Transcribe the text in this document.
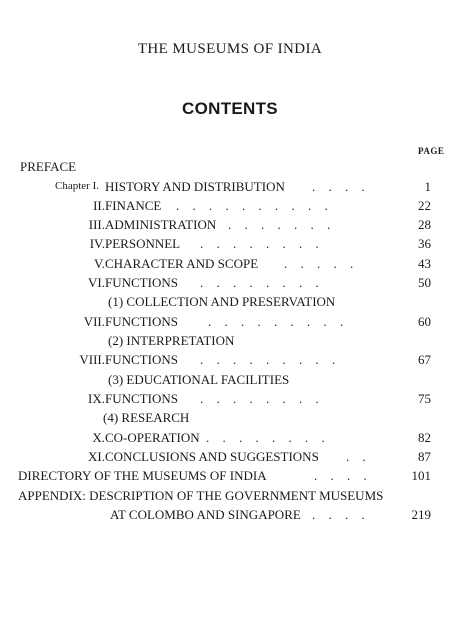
THE MUSEUMS OF INDIA
CONTENTS
PAGE
PREFACE
Chapter I. HISTORY AND DISTRIBUTION . . . .	1
II. FINANCE . . . . . . . . . .	22
III. ADMINISTRATION . . . . . . .	28
IV. PERSONNEL . . . . . . . .	36
V. CHARACTER AND SCOPE . . . . .	43
VI. FUNCTIONS . . . . . . . .	50
(1) COLLECTION AND PRESERVATION
VII. FUNCTIONS . . . . . . . . .	60
(2) INTERPRETATION
VIII. FUNCTIONS . . . . . . . . .	67
(3) EDUCATIONAL FACILITIES
IX. FUNCTIONS . . . . . . . .	75
(4) RESEARCH
X. CO-OPERATION . . . . . . . .	82
XI. CONCLUSIONS AND SUGGESTIONS . .	87
DIRECTORY OF THE MUSEUMS OF INDIA	. . . .	101
APPENDIX: DESCRIPTION OF THE GOVERNMENT MUSEUMS
AT COLOMBO AND SINGAPORE . . . .	219
